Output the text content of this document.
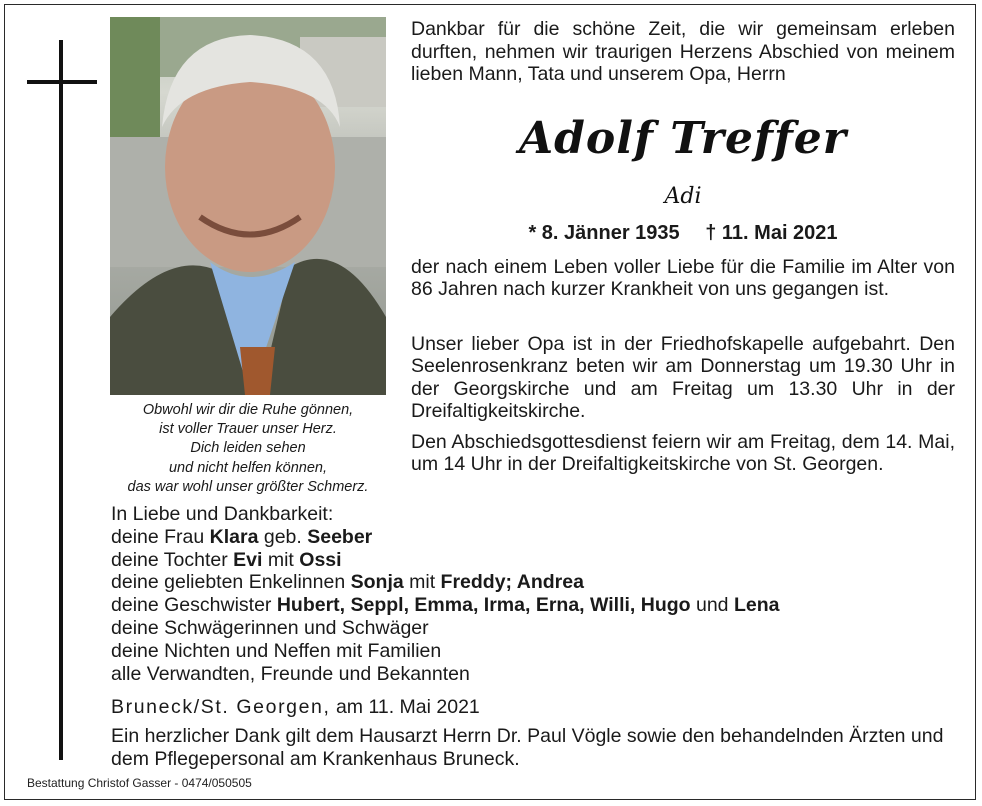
Obwohl wir dir die Ruhe gönnen,
ist voller Trauer unser Herz.
Dich leiden sehen
und nicht helfen können,
das war wohl unser größter Schmerz.
Dankbar für die schöne Zeit, die wir gemeinsam erleben durften, nehmen wir traurigen Herzens Abschied von meinem lieben Mann, Tata und unserem Opa, Herrn
Adolf Treffer
Adi
* 8. Jänner 1935 † 11. Mai 2021
der nach einem Leben voller Liebe für die Familie im Alter von 86 Jahren nach kurzer Krankheit von uns gegangen ist.
Unser lieber Opa ist in der Friedhofskapelle aufgebahrt. Den Seelenrosenkranz beten wir am Donnerstag um 19.30 Uhr in der Georgskirche und am Freitag um 13.30 Uhr in der Dreifaltigkeitskirche.
Den Abschiedsgottesdienst feiern wir am Freitag, dem 14. Mai, um 14 Uhr in der Dreifaltigkeitskirche von St. Georgen.
In Liebe und Dankbarkeit:
deine Frau Klara geb. Seeber
deine Tochter Evi mit Ossi
deine geliebten Enkelinnen Sonja mit Freddy; Andrea
deine Geschwister Hubert, Seppl, Emma, Irma, Erna, Willi, Hugo und Lena
deine Schwägerinnen und Schwäger
deine Nichten und Neffen mit Familien
alle Verwandten, Freunde und Bekannten
Bruneck/St. Georgen, am 11. Mai 2021
Ein herzlicher Dank gilt dem Hausarzt Herrn Dr. Paul Vögle sowie den behandelnden Ärzten und dem Pflegepersonal am Krankenhaus Bruneck.
Bestattung Christof Gasser - 0474/050505
